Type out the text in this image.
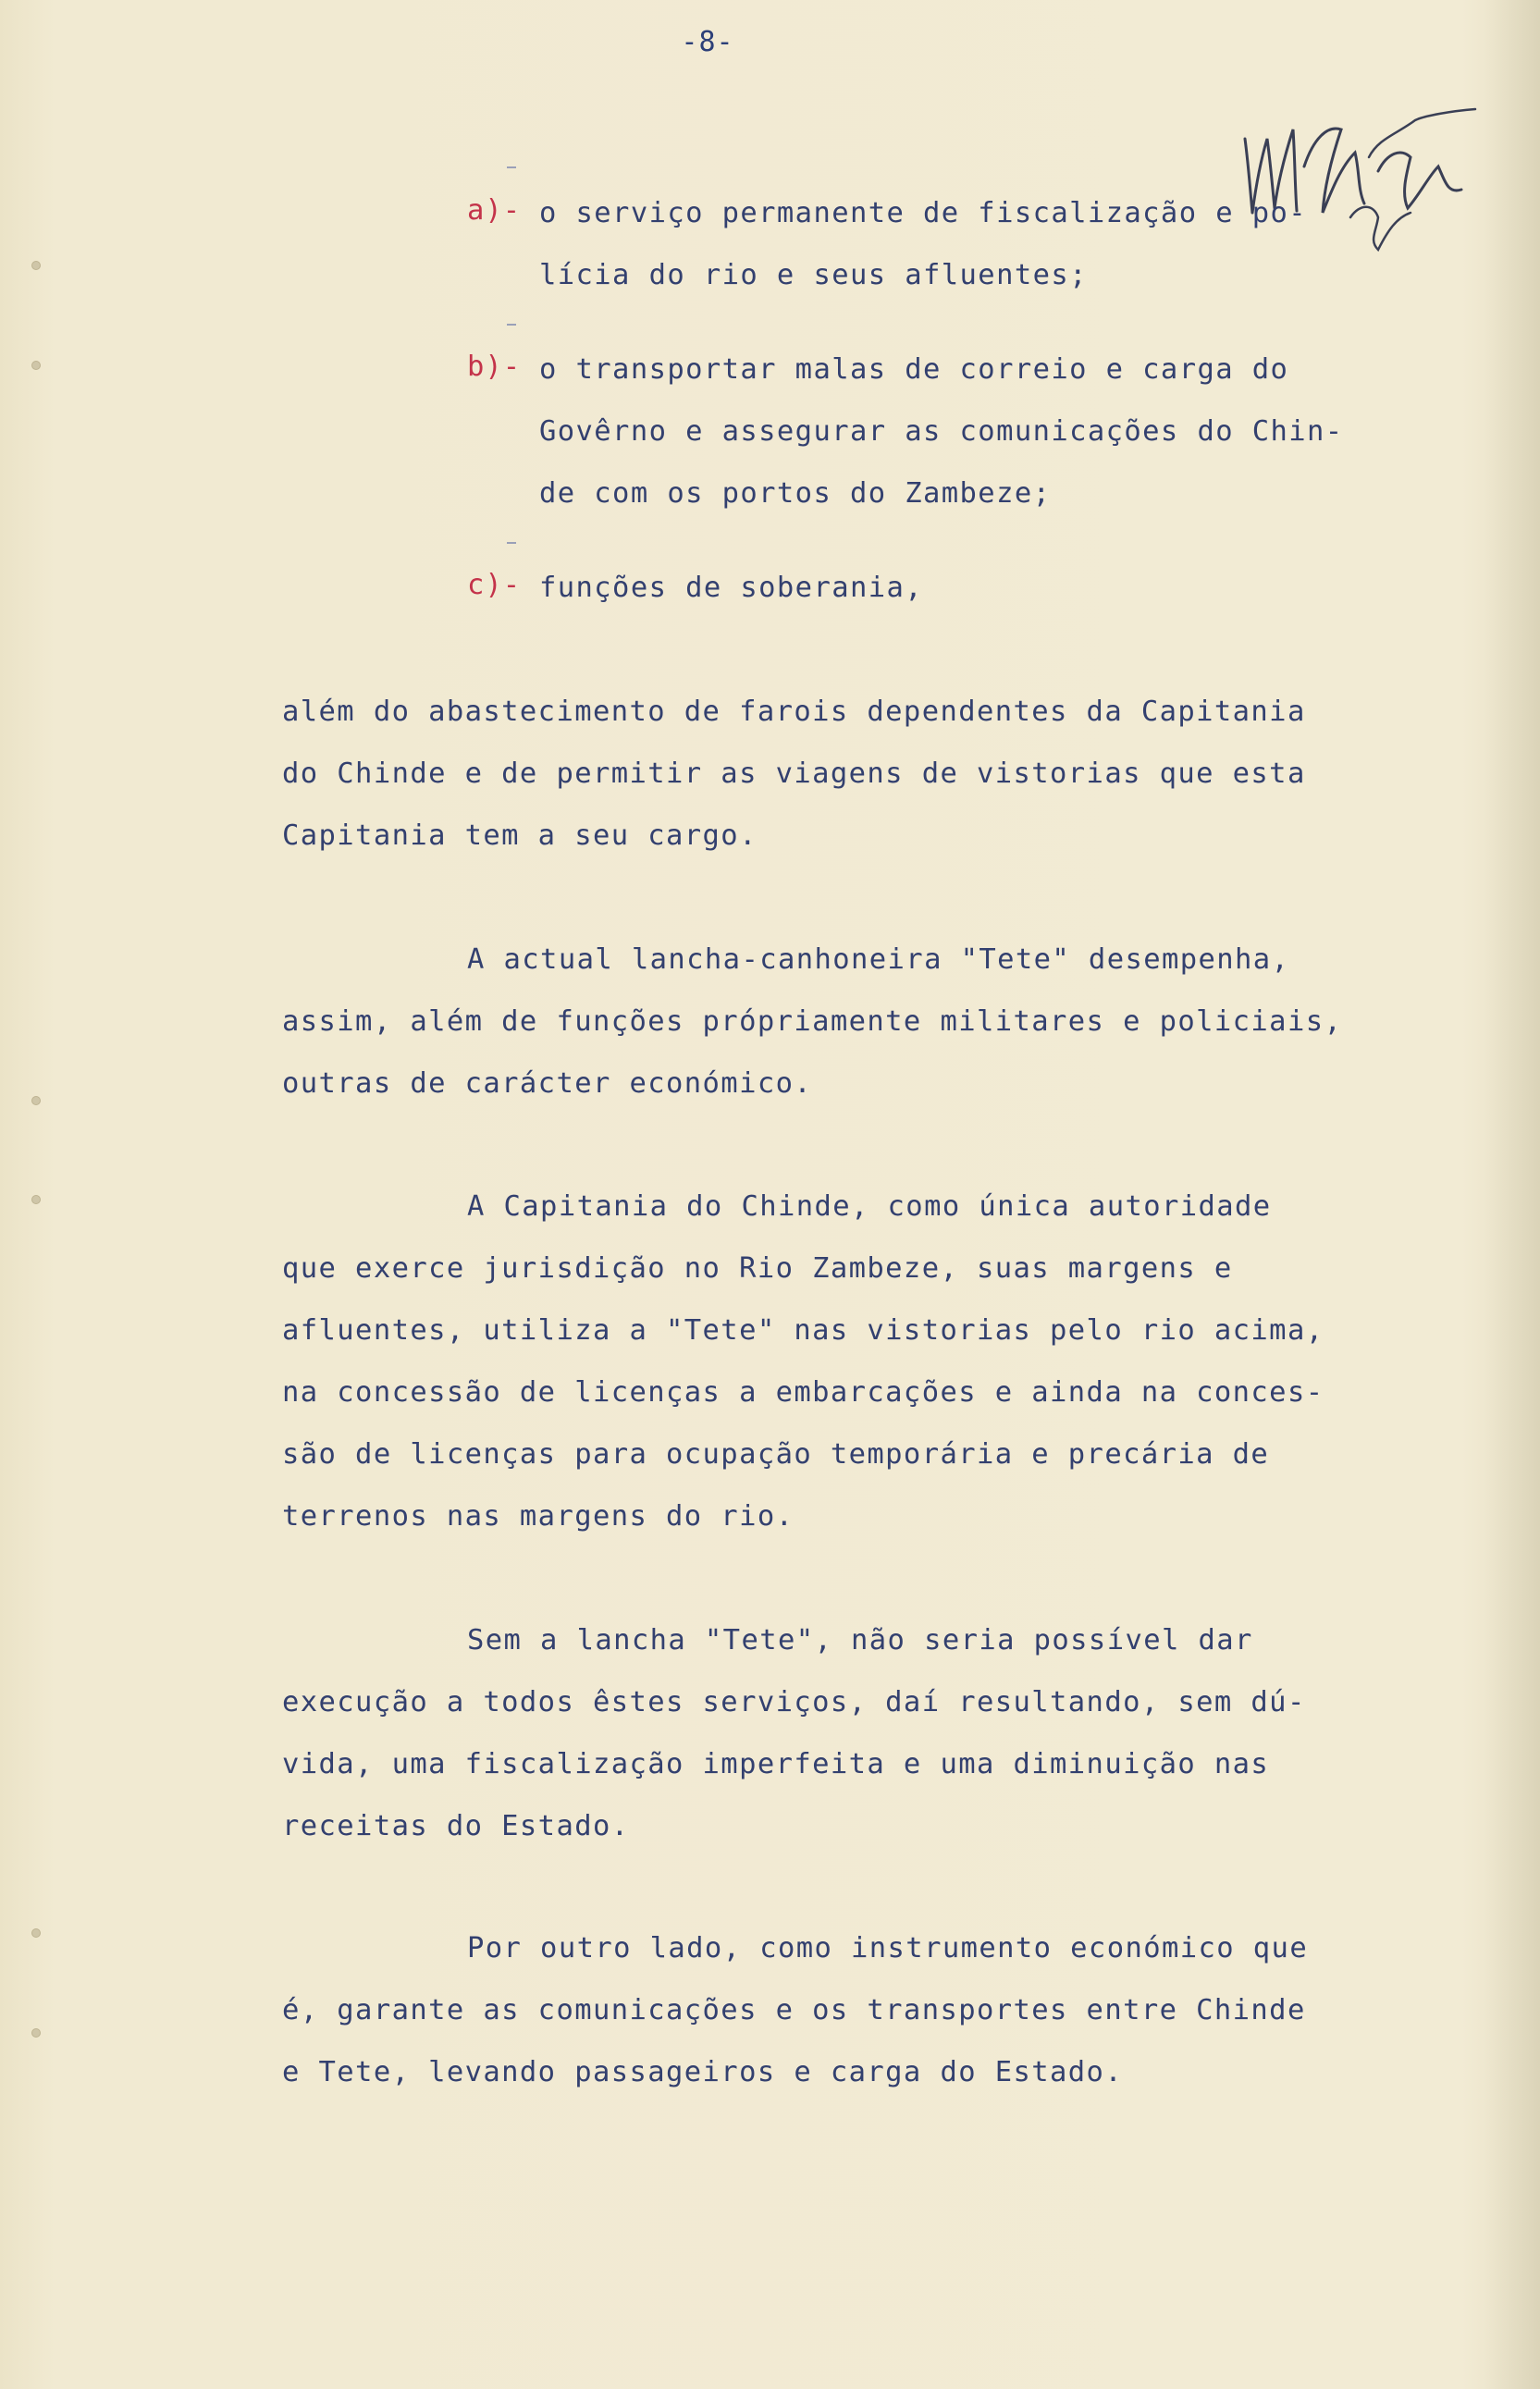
-8-
a)- o serviço permanente de fiscalização e po-
lícia do rio e seus afluentes;
b)- o transportar malas de correio e carga do
Govêrno e assegurar as comunicações do Chin-
de com os portos do Zambeze;
c)- funções de soberania,
além do abastecimento de farois dependentes da Capitania
do Chinde e de permitir as viagens de vistorias que esta
Capitania tem a seu cargo.
A actual lancha-canhoneira "Tete" desempenha,
assim, além de funções própriamente militares e policiais,
outras de carácter económico.
A Capitania do Chinde, como única autoridade
que exerce jurisdição no Rio Zambeze, suas margens e
afluentes, utiliza a "Tete" nas vistorias pelo rio acima,
na concessão de licenças a embarcações e ainda na conces-
são de licenças para ocupação temporária e precária de
terrenos nas margens do rio.
Sem a lancha "Tete", não seria possível dar
execução a todos êstes serviços, daí resultando, sem dú-
vida, uma fiscalização imperfeita e uma diminuição nas
receitas do Estado.
Por outro lado, como instrumento económico que
é, garante as comunicações e os transportes entre Chinde
e Tete, levando passageiros e carga do Estado.
